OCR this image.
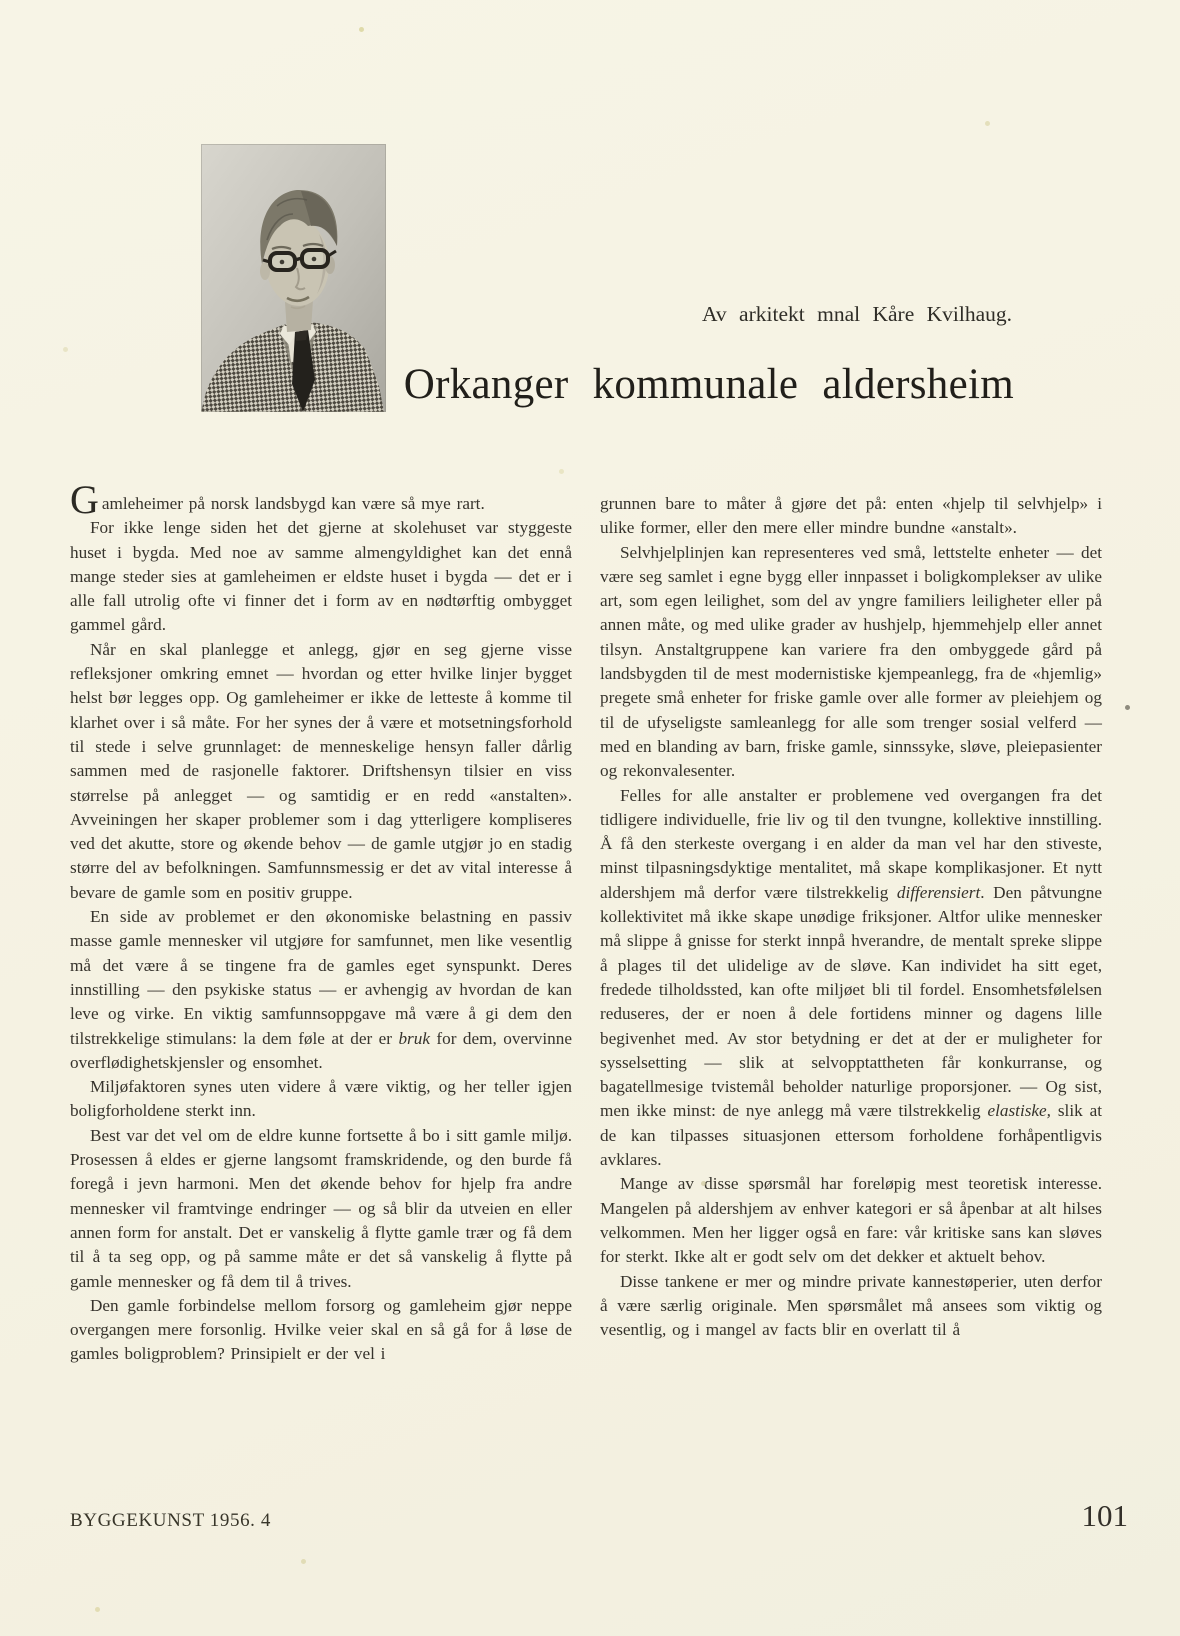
Av arkitekt mnal Kåre Kvilhaug.
Orkanger kommunale aldersheim

Gamleheimer på norsk landsbygd kan være så mye rart.

For ikke lenge siden het det gjerne at skolehuset var styggeste huset i bygda. Med noe av samme almengyldighet kan det ennå mange steder sies at gamleheimen er eldste huset i bygda — det er i alle fall utrolig ofte vi finner det i form av en nødtørftig ombygget gammel gård.

Når en skal planlegge et anlegg, gjør en seg gjerne visse refleksjoner omkring emnet — hvordan og etter hvilke linjer bygget helst bør legges opp. Og gamleheimer er ikke de letteste å komme til klarhet over i så måte. For her synes der å være et motsetningsforhold til stede i selve grunnlaget: de menneskelige hensyn faller dårlig sammen med de rasjonelle faktorer. Driftshensyn tilsier en viss størrelse på anlegget — og samtidig er en redd «anstalten». Avveiningen her skaper problemer som i dag ytterligere kompliseres ved det akutte, store og økende behov — de gamle utgjør jo en stadig større del av befolkningen. Samfunnsmessig er det av vital interesse å bevare de gamle som en positiv gruppe.

En side av problemet er den økonomiske belastning en passiv masse gamle mennesker vil utgjøre for samfunnet, men like vesentlig må det være å se tingene fra de gamles eget synspunkt. Deres innstilling — den psykiske status — er avhengig av hvordan de kan leve og virke. En viktig samfunnsoppgave må være å gi dem den tilstrekkelige stimulans: la dem føle at der er bruk for dem, overvinne overflødighetskjensler og ensomhet.

Miljøfaktoren synes uten videre å være viktig, og her teller igjen boligforholdene sterkt inn.

Best var det vel om de eldre kunne fortsette å bo i sitt gamle miljø. Prosessen å eldes er gjerne langsomt framskridende, og den burde få foregå i jevn harmoni. Men det økende behov for hjelp fra andre mennesker vil framtvinge endringer — og så blir da utveien en eller annen form for anstalt. Det er vanskelig å flytte gamle trær og få dem til å ta seg opp, og på samme måte er det så vanskelig å flytte på gamle mennesker og få dem til å trives.

Den gamle forbindelse mellom forsorg og gamleheim gjør neppe overgangen mere forsonlig. Hvilke veier skal en så gå for å løse de gamles boligproblem? Prinsipielt er der vel i

grunnen bare to måter å gjøre det på: enten «hjelp til selvhjelp» i ulike former, eller den mere eller mindre bundne «anstalt».

Selvhjelplinjen kan representeres ved små, lettstelte enheter — det være seg samlet i egne bygg eller innpasset i boligkomplekser av ulike art, som egen leilighet, som del av yngre familiers leiligheter eller på annen måte, og med ulike grader av hushjelp, hjemmehjelp eller annet tilsyn. Anstaltgruppene kan variere fra den ombyggede gård på landsbygden til de mest modernistiske kjempeanlegg, fra de «hjemlig» pregete små enheter for friske gamle over alle former av pleiehjem og til de ufyseligste samleanlegg for alle som trenger sosial velferd — med en blanding av barn, friske gamle, sinnssyke, sløve, pleiepasienter og rekonvalesenter.

Felles for alle anstalter er problemene ved overgangen fra det tidligere individuelle, frie liv og til den tvungne, kollektive innstilling. Å få den sterkeste overgang i en alder da man vel har den stiveste, minst tilpasningsdyktige mentalitet, må skape komplikasjoner. Et nytt aldershjem må derfor være tilstrekkelig differensiert. Den påtvungne kollektivitet må ikke skape unødige friksjoner. Altfor ulike mennesker må slippe å gnisse for sterkt innpå hverandre, de mentalt spreke slippe å plages til det ulidelige av de sløve. Kan individet ha sitt eget, fredede tilholdssted, kan ofte miljøet bli til fordel. Ensomhetsfølelsen reduseres, der er noen å dele fortidens minner og dagens lille begivenhet med. Av stor betydning er det at der er muligheter for sysselsetting — slik at selvopptattheten får konkurranse, og bagatellmesige tvistemål beholder naturlige proporsjoner. — Og sist, men ikke minst: de nye anlegg må være tilstrekkelig elastiske, slik at de kan tilpasses situasjonen ettersom forholdene forhåpentligvis avklares.

Mange av disse spørsmål har foreløpig mest teoretisk interesse. Mangelen på aldershjem av enhver kategori er så åpenbar at alt hilses velkommen. Men her ligger også en fare: vår kritiske sans kan sløves for sterkt. Ikke alt er godt selv om det dekker et aktuelt behov.

Disse tankene er mer og mindre private kannestøperier, uten derfor å være særlig originale. Men spørsmålet må ansees som viktig og vesentlig, og i mangel av facts blir en overlatt til å

BYGGEKUNST 1956. 4	101
